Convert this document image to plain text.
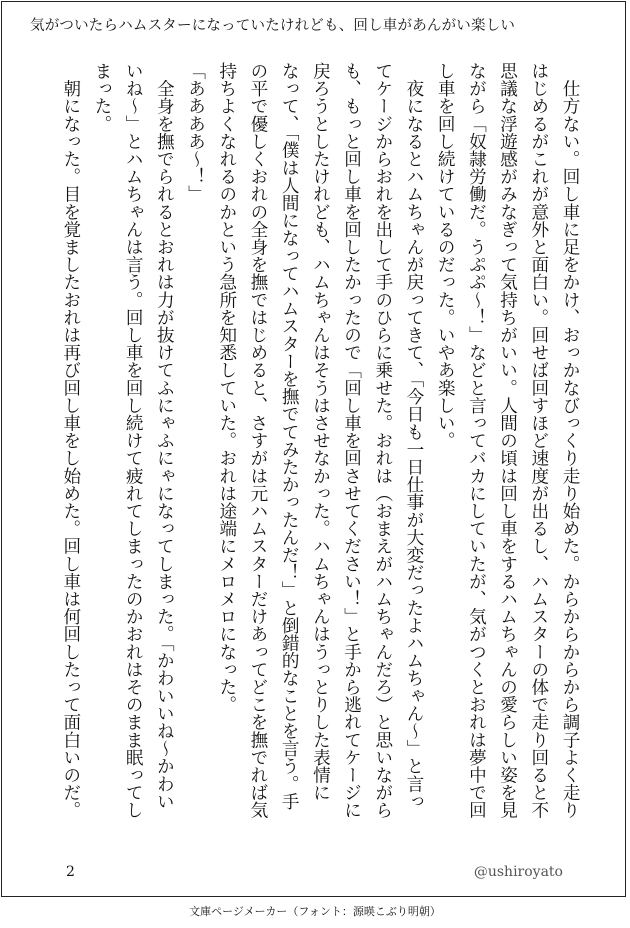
気がついたらハムスターになっていたけれども、回し車があんがい楽しい
　仕方ない。回し車に足をかけ、おっかなびっくり走り始めた。からからからから調子よく走り
はじめるがこれが意外と面白い。回せば回すほど速度が出るし、ハムスターの体で走り回ると不
思議な浮遊感がみなぎって気持ちがいい。人間の頃は回し車をするハムちゃんの愛らしい姿を見
ながら「奴隷労働だ。うぷぷ～！」などと言ってバカにしていたが、気がつくとおれは夢中で回
し車を回し続けているのだった。いやあ楽しい。
　夜になるとハムちゃんが戻ってきて、「今日も一日仕事が大変だったよハムちゃん～」と言っ
てケージからおれを出して手のひらに乗せた。おれは（おまえがハムちゃんだろ）と思いながら
も、もっと回し車を回したかったので「回し車を回させてください！」と手から逃れてケージに
戻ろうとしたけれども、ハムちゃんはそうはさせなかった。ハムちゃんはうっとりした表情に
なって、「僕は人間になってハムスターを撫でてみたかったんだ！」と倒錯的なことを言う。手
の平で優しくおれの全身を撫ではじめると、さすがは元ハムスターだけあってどこを撫でれば気
持ちよくなれるのかという急所を知悉していた。おれは途端にメロメロになった。
「ああああ～！」
　全身を撫でられるとおれは力が抜けてふにゃふにゃになってしまった。「かわいいね～かわい
いね～」とハムちゃんは言う。回し車を回し続けて疲れてしまったのかおれはそのまま眠ってし
まった。
　朝になった。目を覚ましたおれは再び回し車をし始めた。回し車は何回したって面白いのだ。
2	@ushiroyato
文庫ページメーカー（フォント：源暎こぶり明朝）
